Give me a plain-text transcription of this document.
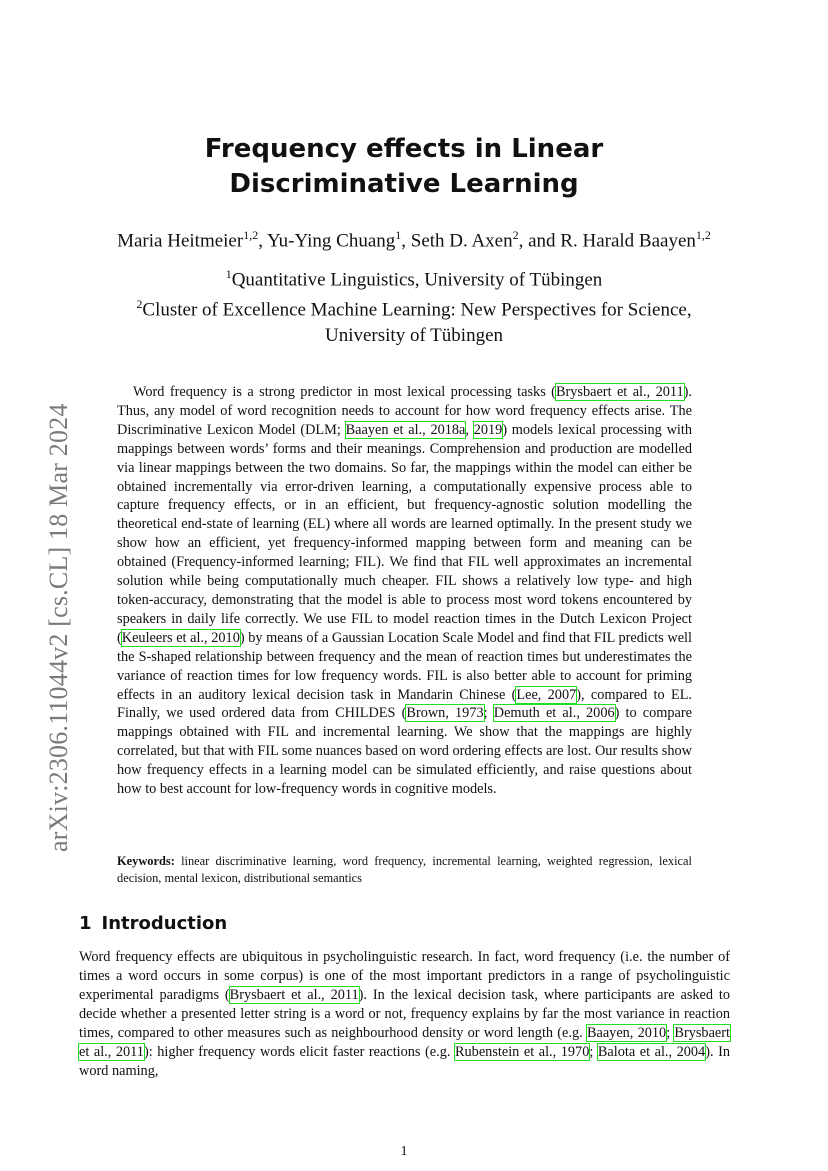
arXiv:2306.11044v2 [cs.CL] 18 Mar 2024
Frequency effects in Linear Discriminative Learning
Maria Heitmeier$^{1,2}$, Yu-Ying Chuang$^1$, Seth D. Axen$^2$, and R. Harald Baayen$^{1,2}$
$^1$Quantitative Linguistics, University of Tübingen
$^2$Cluster of Excellence Machine Learning: New Perspectives for Science,
University of Tübingen
Word frequency is a strong predictor in most lexical processing tasks (Brysbaert et al., 2011). Thus, any model of word recognition needs to account for how word frequency effects arise. The Discriminative Lexicon Model (DLM; Baayen et al., 2018a, 2019) models lexical processing with mappings between words’ forms and their meanings. Comprehension and production are modelled via linear mappings between the two domains. So far, the mappings within the model can either be obtained incrementally via error-driven learning, a computationally expensive process able to capture frequency effects, or in an efficient, but frequency-agnostic solution modelling the theoretical end-state of learning (EL) where all words are learned optimally. In the present study we show how an efficient, yet frequency-informed mapping between form and meaning can be obtained (Frequency-informed learning; FIL). We find that FIL well approximates an incremental solution while being computationally much cheaper. FIL shows a relatively low type- and high token-accuracy, demonstrating that the model is able to process most word tokens encountered by speakers in daily life correctly. We use FIL to model reaction times in the Dutch Lexicon Project (Keuleers et al., 2010) by means of a Gaussian Location Scale Model and find that FIL predicts well the S-shaped relationship between frequency and the mean of reaction times but underestimates the variance of reaction times for low frequency words. FIL is also better able to account for priming effects in an auditory lexical decision task in Mandarin Chinese (Lee, 2007), compared to EL. Finally, we used ordered data from CHILDES (Brown, 1973; Demuth et al., 2006) to compare mappings obtained with FIL and incremental learning. We show that the mappings are highly correlated, but that with FIL some nuances based on word ordering effects are lost. Our results show how frequency effects in a learning model can be simulated efficiently, and raise questions about how to best account for low-frequency words in cognitive models.
Keywords: linear discriminative learning, word frequency, incremental learning, weighted regression, lexical decision, mental lexicon, distributional semantics
1 Introduction
Word frequency effects are ubiquitous in psycholinguistic research. In fact, word frequency (i.e. the number of times a word occurs in some corpus) is one of the most important predictors in a range of psycholinguistic experimental paradigms (Brysbaert et al., 2011). In the lexical decision task, where participants are asked to decide whether a presented letter string is a word or not, frequency explains by far the most variance in reaction times, compared to other measures such as neighbourhood density or word length (e.g. Baayen, 2010; Brysbaert et al., 2011): higher frequency words elicit faster reactions (e.g. Rubenstein et al., 1970; Balota et al., 2004). In word naming,
1
